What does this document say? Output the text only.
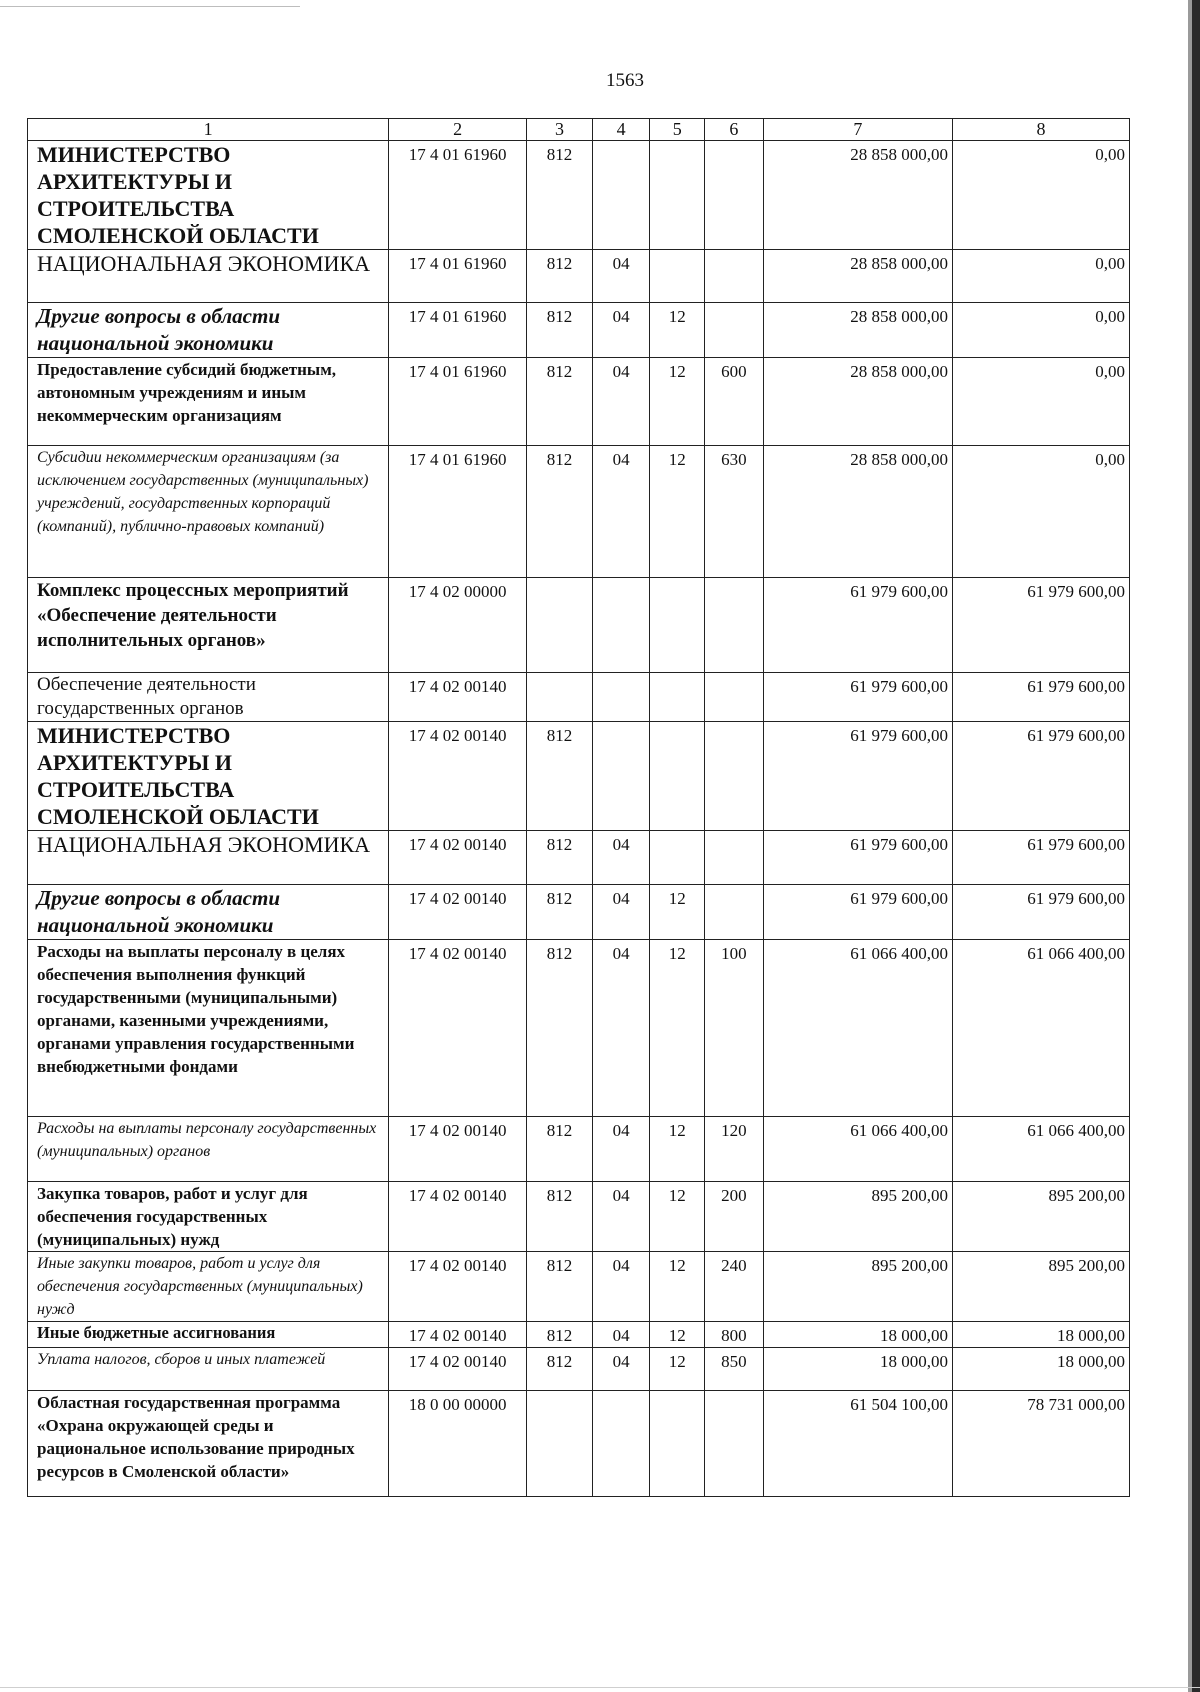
1563
1	2	3	4	5	6	7	8
МИНИСТЕРСТВО АРХИТЕКТУРЫ И СТРОИТЕЛЬСТВА СМОЛЕНСКОЙ ОБЛАСТИ	17 4 01 61960	812				28 858 000,00	0,00
НАЦИОНАЛЬНАЯ ЭКОНОМИКА	17 4 01 61960	812	04			28 858 000,00	0,00
Другие вопросы в области национальной экономики	17 4 01 61960	812	04	12		28 858 000,00	0,00
Предоставление субсидий бюджетным, автономным учреждениям и иным некоммерческим организациям	17 4 01 61960	812	04	12	600	28 858 000,00	0,00
Субсидии некоммерческим организациям (за исключением государственных (муниципальных) учреждений, государственных корпораций (компаний), публично-правовых компаний)	17 4 01 61960	812	04	12	630	28 858 000,00	0,00
Комплекс процессных мероприятий «Обеспечение деятельности исполнительных органов»	17 4 02 00000					61 979 600,00	61 979 600,00
Обеспечение деятельности государственных органов	17 4 02 00140					61 979 600,00	61 979 600,00
МИНИСТЕРСТВО АРХИТЕКТУРЫ И СТРОИТЕЛЬСТВА СМОЛЕНСКОЙ ОБЛАСТИ	17 4 02 00140	812				61 979 600,00	61 979 600,00
НАЦИОНАЛЬНАЯ ЭКОНОМИКА	17 4 02 00140	812	04			61 979 600,00	61 979 600,00
Другие вопросы в области национальной экономики	17 4 02 00140	812	04	12		61 979 600,00	61 979 600,00
Расходы на выплаты персоналу в целях обеспечения выполнения функций государственными (муниципальными) органами, казенными учреждениями, органами управления государственными внебюджетными фондами	17 4 02 00140	812	04	12	100	61 066 400,00	61 066 400,00
Расходы на выплаты персоналу государственных (муниципальных) органов	17 4 02 00140	812	04	12	120	61 066 400,00	61 066 400,00
Закупка товаров, работ и услуг для обеспечения государственных (муниципальных) нужд	17 4 02 00140	812	04	12	200	895 200,00	895 200,00
Иные закупки товаров, работ и услуг для обеспечения государственных (муниципальных) нужд	17 4 02 00140	812	04	12	240	895 200,00	895 200,00
Иные бюджетные ассигнования	17 4 02 00140	812	04	12	800	18 000,00	18 000,00
Уплата налогов, сборов и иных платежей	17 4 02 00140	812	04	12	850	18 000,00	18 000,00
Областная государственная программа «Охрана окружающей среды и рациональное использование природных ресурсов в Смоленской области»	18 0 00 00000					61 504 100,00	78 731 000,00
